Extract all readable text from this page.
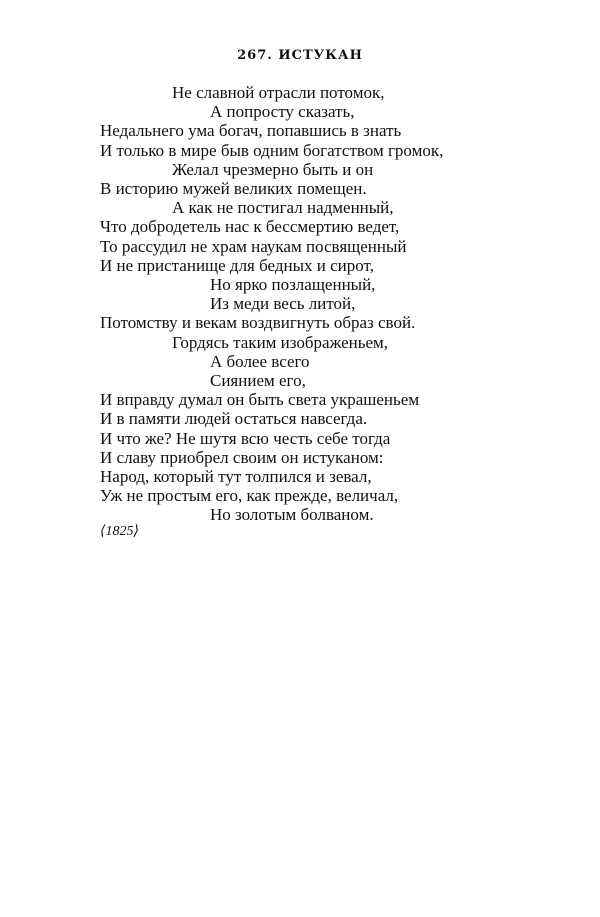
267. ИСТУКАН
Не славной отрасли потомок,
А попросту сказать,
Недальнего ума богач, попавшись в знать
И только в мире быв одним богатством громок,
Желал чрезмерно быть и он
В историю мужей великих помещен.
А как не постигал надменный,
Что добродетель нас к бессмертию ведет,
То рассудил не храм наукам посвященный
И не пристанище для бедных и сирот,
Но ярко позлащенный,
Из меди весь литой,
Потомству и векам воздвигнуть образ свой.
Гордясь таким изображеньем,
А более всего
Сиянием его,
И вправду думал он быть света украшеньем
И в памяти людей остаться навсегда.
И что же? Не шутя всю честь себе тогда
И славу приобрел своим он истуканом:
Народ, который тут толпился и зевал,
Уж не простым его, как прежде, величал,
Но золотым болваном.
⟨1825⟩
